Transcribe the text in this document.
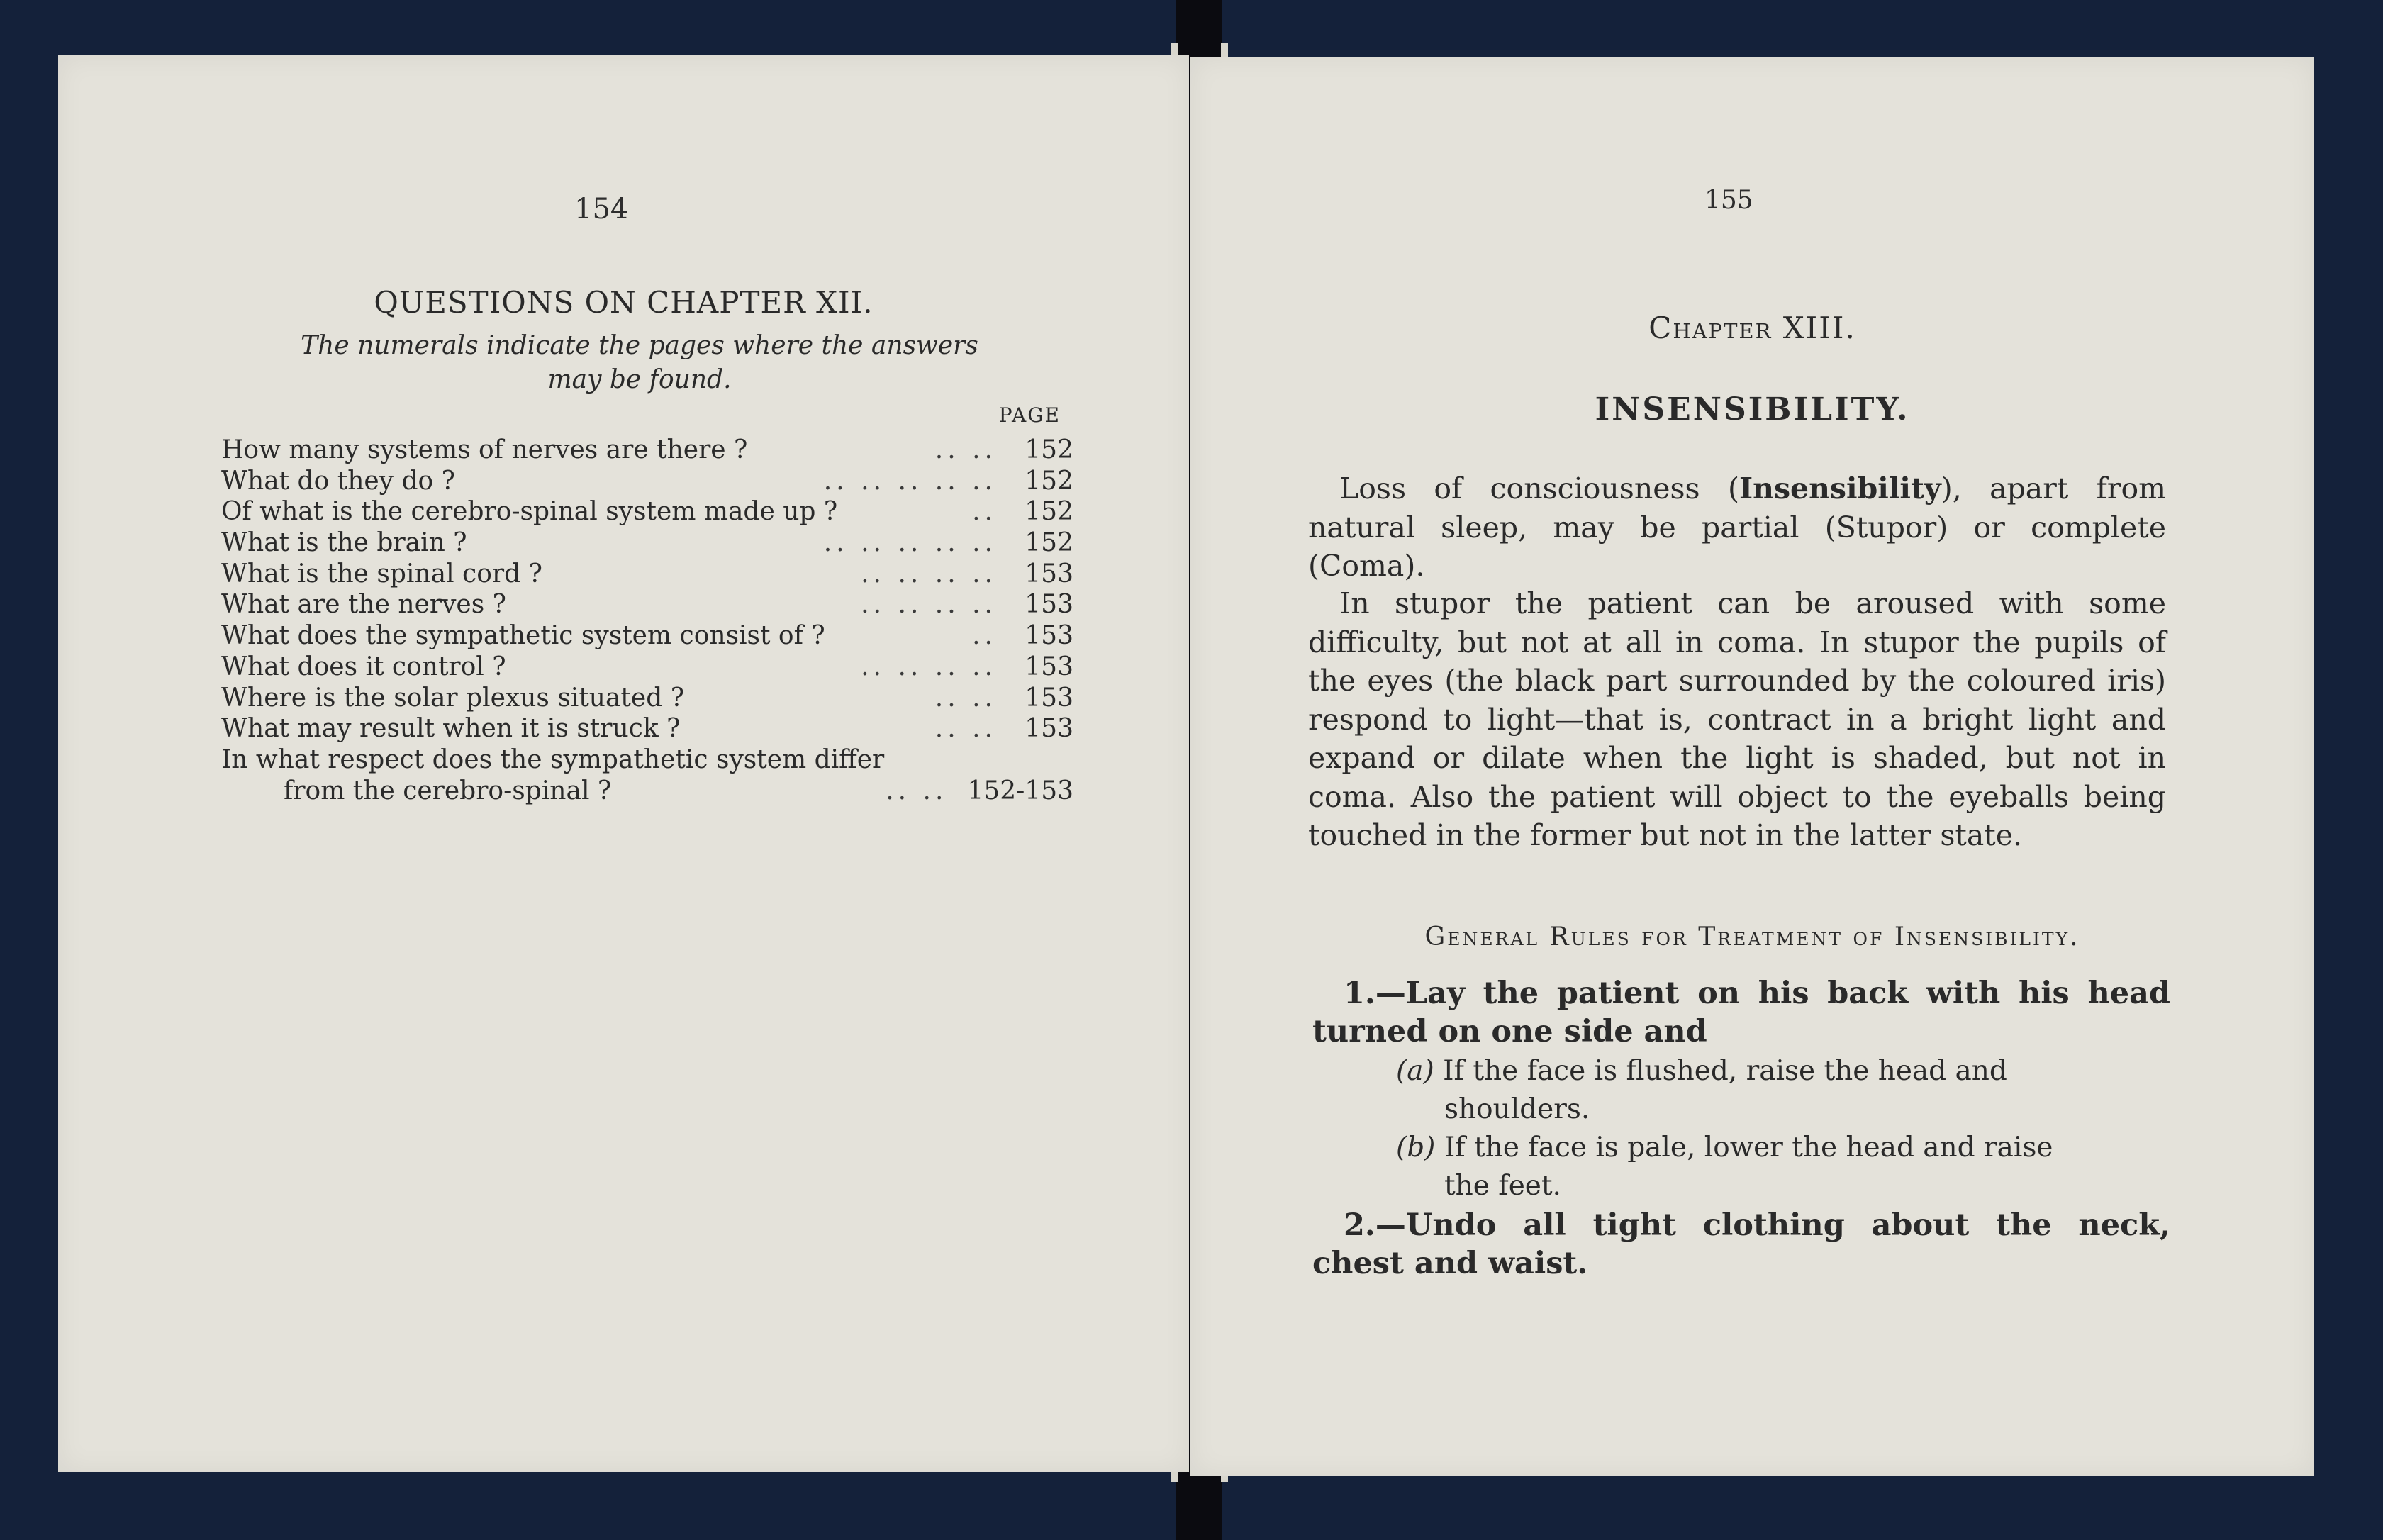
154
QUESTIONS ON CHAPTER XII.
The numerals indicate the pages where the answers may be found.
PAGE
How many systems of nerves are there ?	.. ..	152
What do they do ?	.. .. .. .. ..	152
Of what is the cerebro-spinal system made up ?	..	152
What is the brain ?	.. .. .. .. ..	152
What is the spinal cord ?	.. .. .. ..	153
What are the nerves ?	.. .. .. ..	153
What does the sympathetic system consist of ?	..	153
What does it control ?	.. .. .. ..	153
Where is the solar plexus situated ?	.. ..	153
What may result when it is struck ?	.. ..	153
In what respect does the sympathetic system differ
from the cerebro-spinal ?	.. .. 152-153
155
Chapter XIII.
INSENSIBILITY.
Loss of consciousness (Insensibility), apart from natural sleep, may be partial (Stupor) or complete (Coma).
In stupor the patient can be aroused with some difficulty, but not at all in coma. In stupor the pupils of the eyes (the black part surrounded by the coloured iris) respond to light—that is, contract in a bright light and expand or dilate when the light is shaded, but not in coma. Also the patient will object to the eyeballs being touched in the former but not in the latter state.
General Rules for Treatment of Insensibility.
1.—Lay the patient on his back with his head turned on one side and
(a) If the face is flushed, raise the head and
shoulders.
(b) If the face is pale, lower the head and raise
the feet.
2.—Undo all tight clothing about the neck, chest and waist.
